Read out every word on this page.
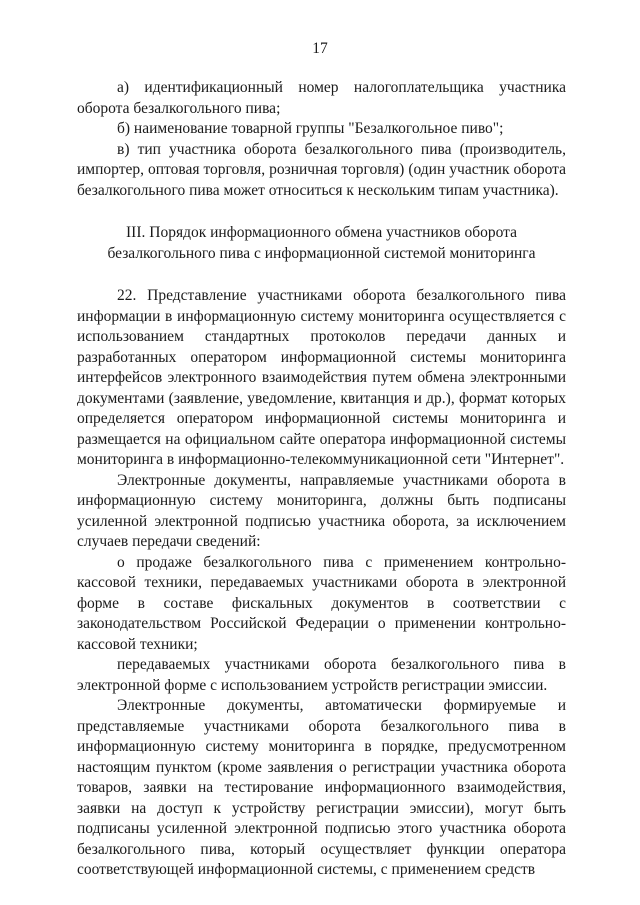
17

а) идентификационный номер налогоплательщика участника оборота безалкогольного пива;

б) наименование товарной группы "Безалкогольное пиво";

в) тип участника оборота безалкогольного пива (производитель, импортер, оптовая торговля, розничная торговля) (один участник оборота безалкогольного пива может относиться к нескольким типам участника).

III. Порядок информационного обмена участников оборота безалкогольного пива с информационной системой мониторинга

22. Представление участниками оборота безалкогольного пива информации в информационную систему мониторинга осуществляется с использованием стандартных протоколов передачи данных и разработанных оператором информационной системы мониторинга интерфейсов электронного взаимодействия путем обмена электронными документами (заявление, уведомление, квитанция и др.), формат которых определяется оператором информационной системы мониторинга и размещается на официальном сайте оператора информационной системы мониторинга в информационно-телекоммуникационной сети "Интернет".

Электронные документы, направляемые участниками оборота в информационную систему мониторинга, должны быть подписаны усиленной электронной подписью участника оборота, за исключением случаев передачи сведений:

о продаже безалкогольного пива с применением контрольно-кассовой техники, передаваемых участниками оборота в электронной форме в составе фискальных документов в соответствии с законодательством Российской Федерации о применении контрольно-кассовой техники;

передаваемых участниками оборота безалкогольного пива в электронной форме с использованием устройств регистрации эмиссии.

Электронные документы, автоматически формируемые и представляемые участниками оборота безалкогольного пива в информационную систему мониторинга в порядке, предусмотренном настоящим пунктом (кроме заявления о регистрации участника оборота товаров, заявки на тестирование информационного взаимодействия, заявки на доступ к устройству регистрации эмиссии), могут быть подписаны усиленной электронной подписью этого участника оборота безалкогольного пива, который осуществляет функции оператора соответствующей информационной системы, с применением средств
